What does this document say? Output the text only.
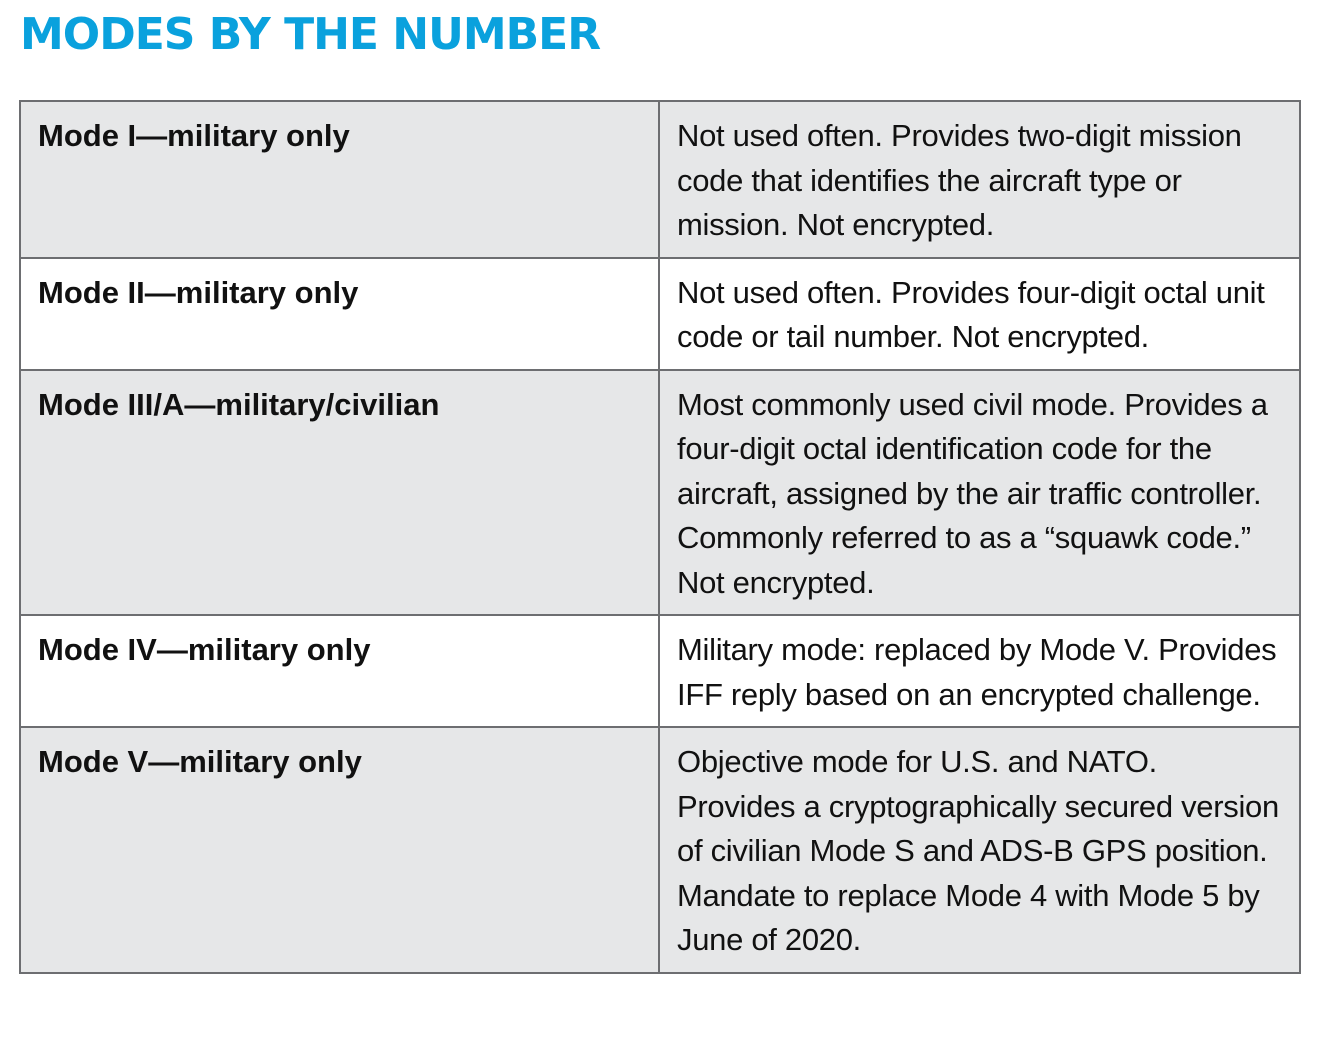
MODES BY THE NUMBER
Mode I—military only	Not used often. Provides two-digit mission code that identifies the aircraft type or mission. Not encrypted.
Mode II—military only	Not used often. Provides four-digit octal unit code or tail number. Not encrypted.
Mode III/A—military/civilian	Most commonly used civil mode. Provides a four-digit octal identification code for the aircraft, assigned by the air traffic controller. Commonly referred to as a “squawk code.” Not encrypted.
Mode IV—military only	Military mode: replaced by Mode V. Provides IFF reply based on an encrypted challenge.
Mode V—military only	Objective mode for U.S. and NATO. Provides a cryptographically secured version of civilian Mode S and ADS-B GPS position. Mandate to replace Mode 4 with Mode 5 by June of 2020.
